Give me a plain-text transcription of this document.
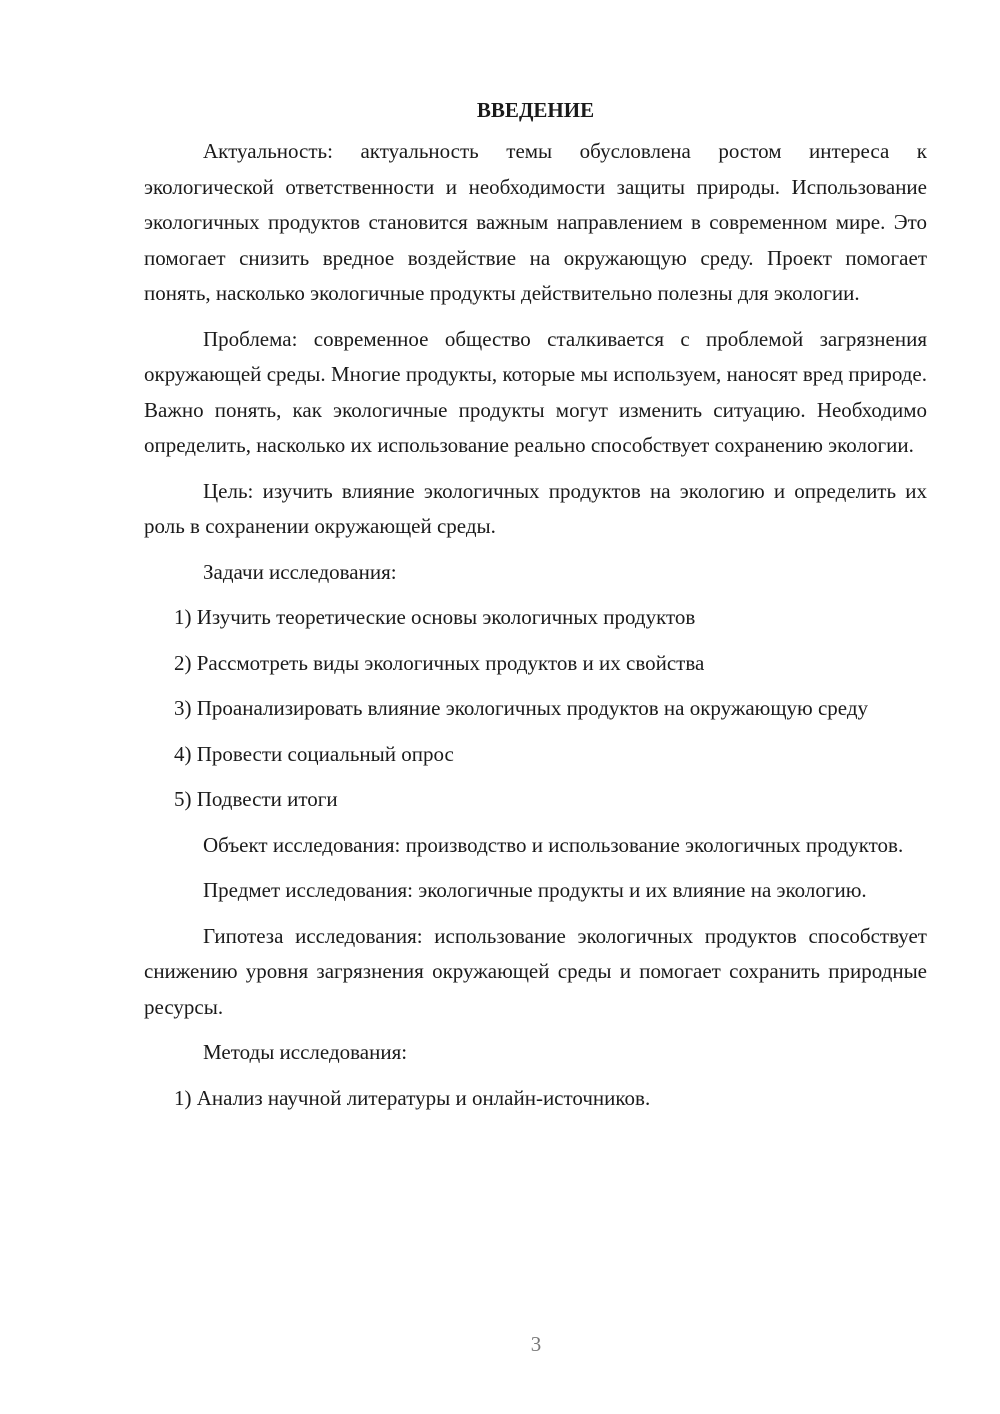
ВВЕДЕНИЕ

Актуальность: актуальность темы обусловлена ростом интереса к экологической ответственности и необходимости защиты природы. Использование экологичных продуктов становится важным направлением в современном мире. Это помогает снизить вредное воздействие на окружающую среду. Проект помогает понять, насколько экологичные продукты действительно полезны для экологии.

Проблема: современное общество сталкивается с проблемой загрязнения окружающей среды. Многие продукты, которые мы используем, наносят вред природе. Важно понять, как экологичные продукты могут изменить ситуацию. Необходимо определить, насколько их использование реально способствует сохранению экологии.

Цель: изучить влияние экологичных продуктов на экологию и определить их роль в сохранении окружающей среды.

Задачи исследования:

1) Изучить теоретические основы экологичных продуктов

2) Рассмотреть виды экологичных продуктов и их свойства

3) Проанализировать влияние экологичных продуктов на окружающую среду

4) Провести социальный опрос

5) Подвести итоги

Объект исследования: производство и использование экологичных продуктов.

Предмет исследования: экологичные продукты и их влияние на экологию.

Гипотеза исследования: использование экологичных продуктов способствует снижению уровня загрязнения окружающей среды и помогает сохранить природные ресурсы.

Методы исследования:

1) Анализ научной литературы и онлайн-источников.

3
